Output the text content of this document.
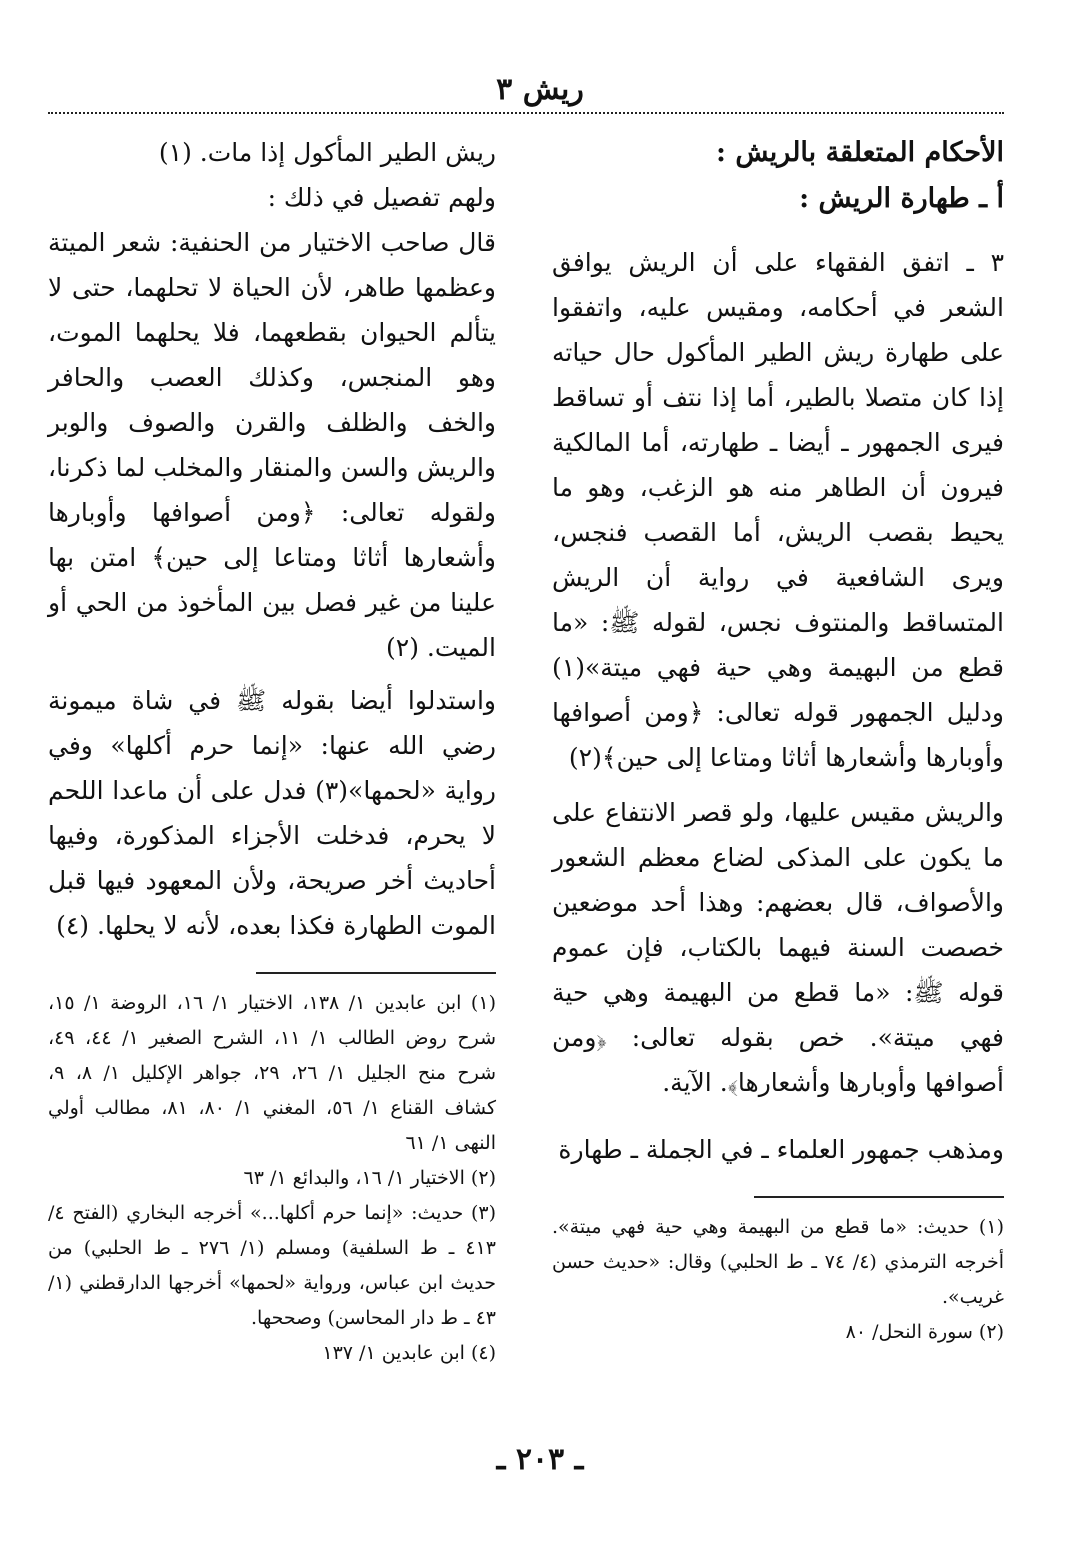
ريش ٣

الأحكام المتعلقة بالريش :

أ ـ طهارة الريش :

٣ ـ اتفق الفقهاء على أن الريش يوافق الشعر في أحكامه، ومقيس عليه، واتفقوا على طهارة ريش الطير المأكول حال حياته إذا كان متصلا بالطير، أما إذا نتف أو تساقط فيرى الجمهور ـ أيضا ـ طهارته، أما المالكية فيرون أن الطاهر منه هو الزغب، وهو ما يحيط بقصب الريش، أما القصب فنجس، ويرى الشافعية في رواية أن الريش المتساقط والمنتوف نجس، لقوله ﷺ: «ما قطع من البهيمة وهي حية فهي ميتة»(١) ودليل الجمهور قوله تعالى: ﴿ومن أصوافها وأوبارها وأشعارها أثاثا ومتاعا إلى حين﴾(٢)

والريش مقيس عليها، ولو قصر الانتفاع على ما يكون على المذكى لضاع معظم الشعور والأصواف، قال بعضهم: وهذا أحد موضعين خصصت السنة فيهما بالكتاب، فإن عموم قوله ﷺ: «ما قطع من البهيمة وهي حية فهي ميتة». خص بقوله تعالى: ﴿ومن أصوافها وأوبارها وأشعارها﴾. الآية.

ومذهب جمهور العلماء ـ في الجملة ـ طهارة

(١) حديث: «ما قطع من البهيمة وهي حية فهي ميتة». أخرجه الترمذي (٤/ ٧٤ ـ ط الحلبي) وقال: «حديث حسن غريب».

(٢) سورة النحل/ ٨٠

ريش الطير المأكول إذا مات. (١)

ولهم تفصيل في ذلك :

قال صاحب الاختيار من الحنفية: شعر الميتة وعظمها طاهر، لأن الحياة لا تحلهما، حتى لا يتألم الحيوان بقطعهما، فلا يحلهما الموت، وهو المنجس، وكذلك العصب والحافر والخف والظلف والقرن والصوف والوبر والريش والسن والمنقار والمخلب لما ذكرنا، ولقوله تعالى: ﴿ومن أصوافها وأوبارها وأشعارها أثاثا ومتاعا إلى حين﴾ امتن بها علينا من غير فصل بين المأخوذ من الحي أو الميت. (٢)

واستدلوا أيضا بقوله ﷺ في شاة ميمونة رضي الله عنها: «إنما حرم أكلها» وفي رواية «لحمها»(٣) فدل على أن ماعدا اللحم لا يحرم، فدخلت الأجزاء المذكورة، وفيها أحاديث أخر صريحة، ولأن المعهود فيها قبل الموت الطهارة فكذا بعده، لأنه لا يحلها. (٤)

(١) ابن عابدين ١/ ١٣٨، الاختيار ١/ ١٦، الروضة ١/ ١٥، شرح روض الطالب ١/ ١١، الشرح الصغير ١/ ٤٤، ٤٩، شرح منح الجليل ١/ ٢٦، ٢٩، جواهر الإكليل ١/ ٨، ٩، كشاف القناع ١/ ٥٦، المغني ١/ ٨٠، ٨١، مطالب أولي النهى ١/ ٦١

(٢) الاختيار ١/ ١٦، والبدائع ١/ ٦٣

(٣) حديث: «إنما حرم أكلها...» أخرجه البخاري (الفتح ٤/ ٤١٣ ـ ط السلفية) ومسلم (١/ ٢٧٦ ـ ط الحلبي) من حديث ابن عباس، ورواية «لحمها» أخرجها الدارقطني (١/ ٤٣ ـ ط دار المحاسن) وصححها.

(٤) ابن عابدين ١/ ١٣٧

ـ ٢٠٣ ـ
